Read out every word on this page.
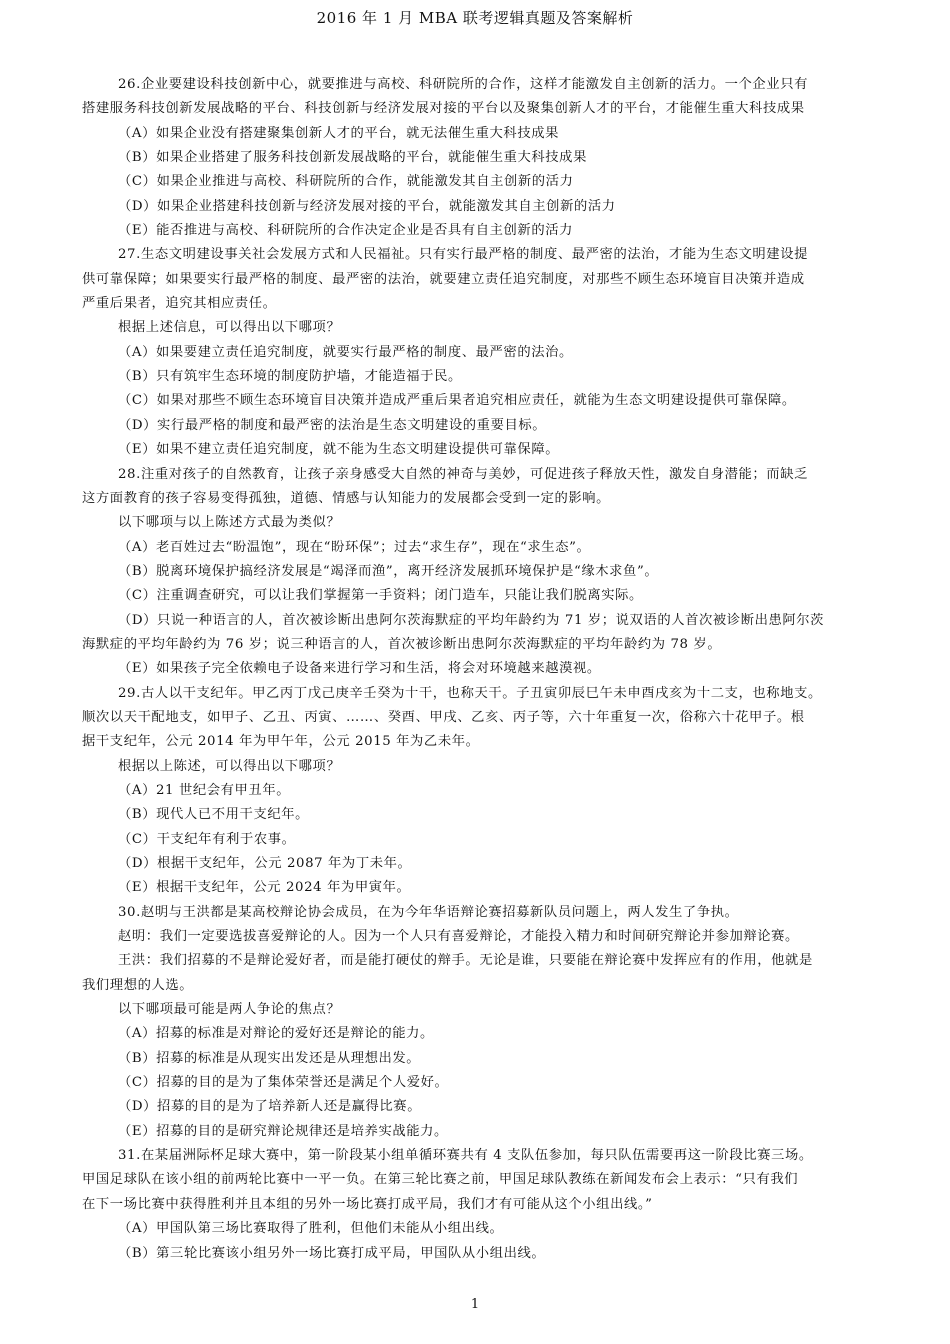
2016 年 1 月 MBA 联考逻辑真题及答案解析

26.企业要建设科技创新中心，就要推进与高校、科研院所的合作，这样才能激发自主创新的活力。一个企业只有

搭建服务科技创新发展战略的平台、科技创新与经济发展对接的平台以及聚集创新人才的平台，才能催生重大科技成果

（A）如果企业没有搭建聚集创新人才的平台，就无法催生重大科技成果

（B）如果企业搭建了服务科技创新发展战略的平台，就能催生重大科技成果

（C）如果企业推进与高校、科研院所的合作，就能激发其自主创新的活力

（D）如果企业搭建科技创新与经济发展对接的平台，就能激发其自主创新的活力

（E）能否推进与高校、科研院所的合作决定企业是否具有自主创新的活力

27.生态文明建设事关社会发展方式和人民福祉。只有实行最严格的制度、最严密的法治，才能为生态文明建设提

供可靠保障；如果要实行最严格的制度、最严密的法治，就要建立责任追究制度，对那些不顾生态环境盲目决策并造成

严重后果者，追究其相应责任。

根据上述信息，可以得出以下哪项？

（A）如果要建立责任追究制度，就要实行最严格的制度、最严密的法治。

（B）只有筑牢生态环境的制度防护墙，才能造福于民。

（C）如果对那些不顾生态环境盲目决策并造成严重后果者追究相应责任，就能为生态文明建设提供可靠保障。

（D）实行最严格的制度和最严密的法治是生态文明建设的重要目标。

（E）如果不建立责任追究制度，就不能为生态文明建设提供可靠保障。

28.注重对孩子的自然教育，让孩子亲身感受大自然的神奇与美妙，可促进孩子释放天性，激发自身潜能；而缺乏

这方面教育的孩子容易变得孤独，道德、情感与认知能力的发展都会受到一定的影响。

以下哪项与以上陈述方式最为类似？

（A）老百姓过去“盼温饱”，现在“盼环保”；过去“求生存”，现在“求生态”。

（B）脱离环境保护搞经济发展是“竭泽而渔”，离开经济发展抓环境保护是“缘木求鱼”。

（C）注重调查研究，可以让我们掌握第一手资料；闭门造车，只能让我们脱离实际。

（D）只说一种语言的人，首次被诊断出患阿尔茨海默症的平均年龄约为 71 岁；说双语的人首次被诊断出患阿尔茨

海默症的平均年龄约为 76 岁；说三种语言的人，首次被诊断出患阿尔茨海默症的平均年龄约为 78 岁。

（E）如果孩子完全依赖电子设备来进行学习和生活，将会对环境越来越漠视。

29.古人以干支纪年。甲乙丙丁戊己庚辛壬癸为十干，也称天干。子丑寅卯辰巳午未申酉戌亥为十二支，也称地支。

顺次以天干配地支，如甲子、乙丑、丙寅、……、癸酉、甲戌、乙亥、丙子等，六十年重复一次，俗称六十花甲子。根

据干支纪年，公元 2014 年为甲午年，公元 2015 年为乙未年。

根据以上陈述，可以得出以下哪项？

（A）21 世纪会有甲丑年。

（B）现代人已不用干支纪年。

（C）干支纪年有利于农事。

（D）根据干支纪年，公元 2087 年为丁未年。

（E）根据干支纪年，公元 2024 年为甲寅年。

30.赵明与王洪都是某高校辩论协会成员，在为今年华语辩论赛招募新队员问题上，两人发生了争执。

赵明：我们一定要选拔喜爱辩论的人。因为一个人只有喜爱辩论，才能投入精力和时间研究辩论并参加辩论赛。

王洪：我们招募的不是辩论爱好者，而是能打硬仗的辩手。无论是谁，只要能在辩论赛中发挥应有的作用，他就是

我们理想的人选。

以下哪项最可能是两人争论的焦点？

（A）招募的标准是对辩论的爱好还是辩论的能力。

（B）招募的标准是从现实出发还是从理想出发。

（C）招募的目的是为了集体荣誉还是满足个人爱好。

（D）招募的目的是为了培养新人还是赢得比赛。

（E）招募的目的是研究辩论规律还是培养实战能力。

31.在某届洲际杯足球大赛中，第一阶段某小组单循环赛共有 4 支队伍参加，每只队伍需要再这一阶段比赛三场。

甲国足球队在该小组的前两轮比赛中一平一负。在第三轮比赛之前，甲国足球队教练在新闻发布会上表示：“只有我们

在下一场比赛中获得胜利并且本组的另外一场比赛打成平局，我们才有可能从这个小组出线。”

（A）甲国队第三场比赛取得了胜利，但他们未能从小组出线。

（B）第三轮比赛该小组另外一场比赛打成平局，甲国队从小组出线。

1
